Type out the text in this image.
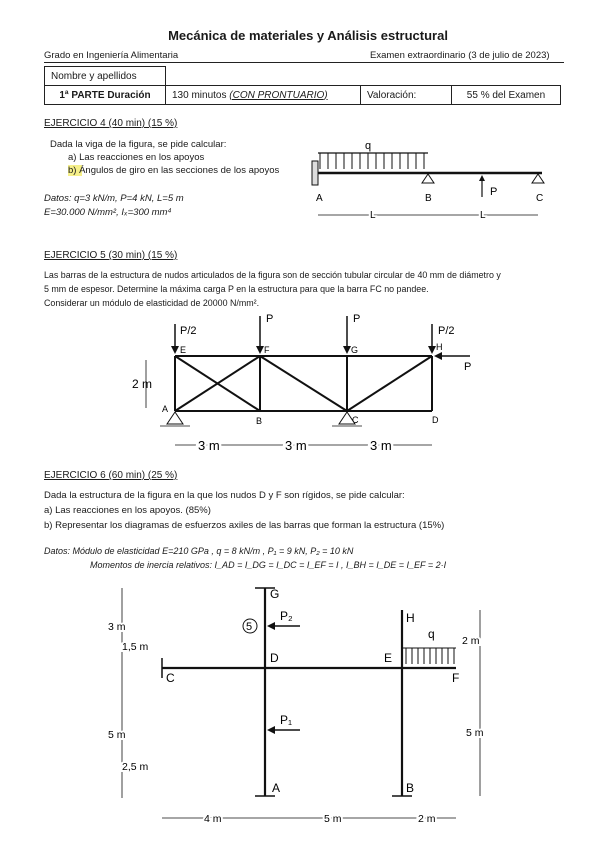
Mecánica de materiales y Análisis estructural
Grado en Ingeniería Alimentaria	Examen extraordinario (3 de julio de 2023)
Nombre y apellidos			
1ª PARTE Duración	130 minutos (CON PRONTUARIO)	Valoración:	55 % del Examen
EJERCICIO 4 (40 min) (15 %)
Dada la viga de la figura, se pide calcular:
a) Las reacciones en los apoyos
b) Ángulos de giro en las secciones de los apoyos
Datos: q=3 kN/m, P=4 kN, L=5 m
E=30.000 N/mm², Iₓ=300 mm⁴
q
P
A	B	C
L	L
EJERCICIO 5 (30 min) (15 %)
Las barras de la estructura de nudos articulados de la figura son de sección tubular circular de 40 mm de diámetro y
5 mm de espesor. Determine la máxima carga P en la estructura para que la barra FC no pandee.
Considerar un módulo de elasticidad de 20000 N/mm².
P/2
P	P
P/2
P
E	F	G	H
A
B	C	D
2 m
3 m	3 m	3 m
EJERCICIO 6 (60 min) (25 %)
Dada la estructura de la figura en la que los nudos D y F son rígidos, se pide calcular:
a) Las reacciones en los apoyos. (85%)
b) Representar los diagramas de esfuerzos axiles de las barras que forman la estructura (15%)
Datos: Módulo de elasticidad E=210 GPa , q = 8 kN/m , P₁ = 9 kN, P₂ = 10 kN
Momentos de inercia relativos: I_AD = I_DG = I_DC = I_EF = I , I_BH = I_DE = I_EF = 2·I
G
5
P₂
D
C
P₁
A
H
q
E
F
B
3 m
1,5 m
5 m
2,5 m
2 m
5 m
4 m	5 m	2 m
